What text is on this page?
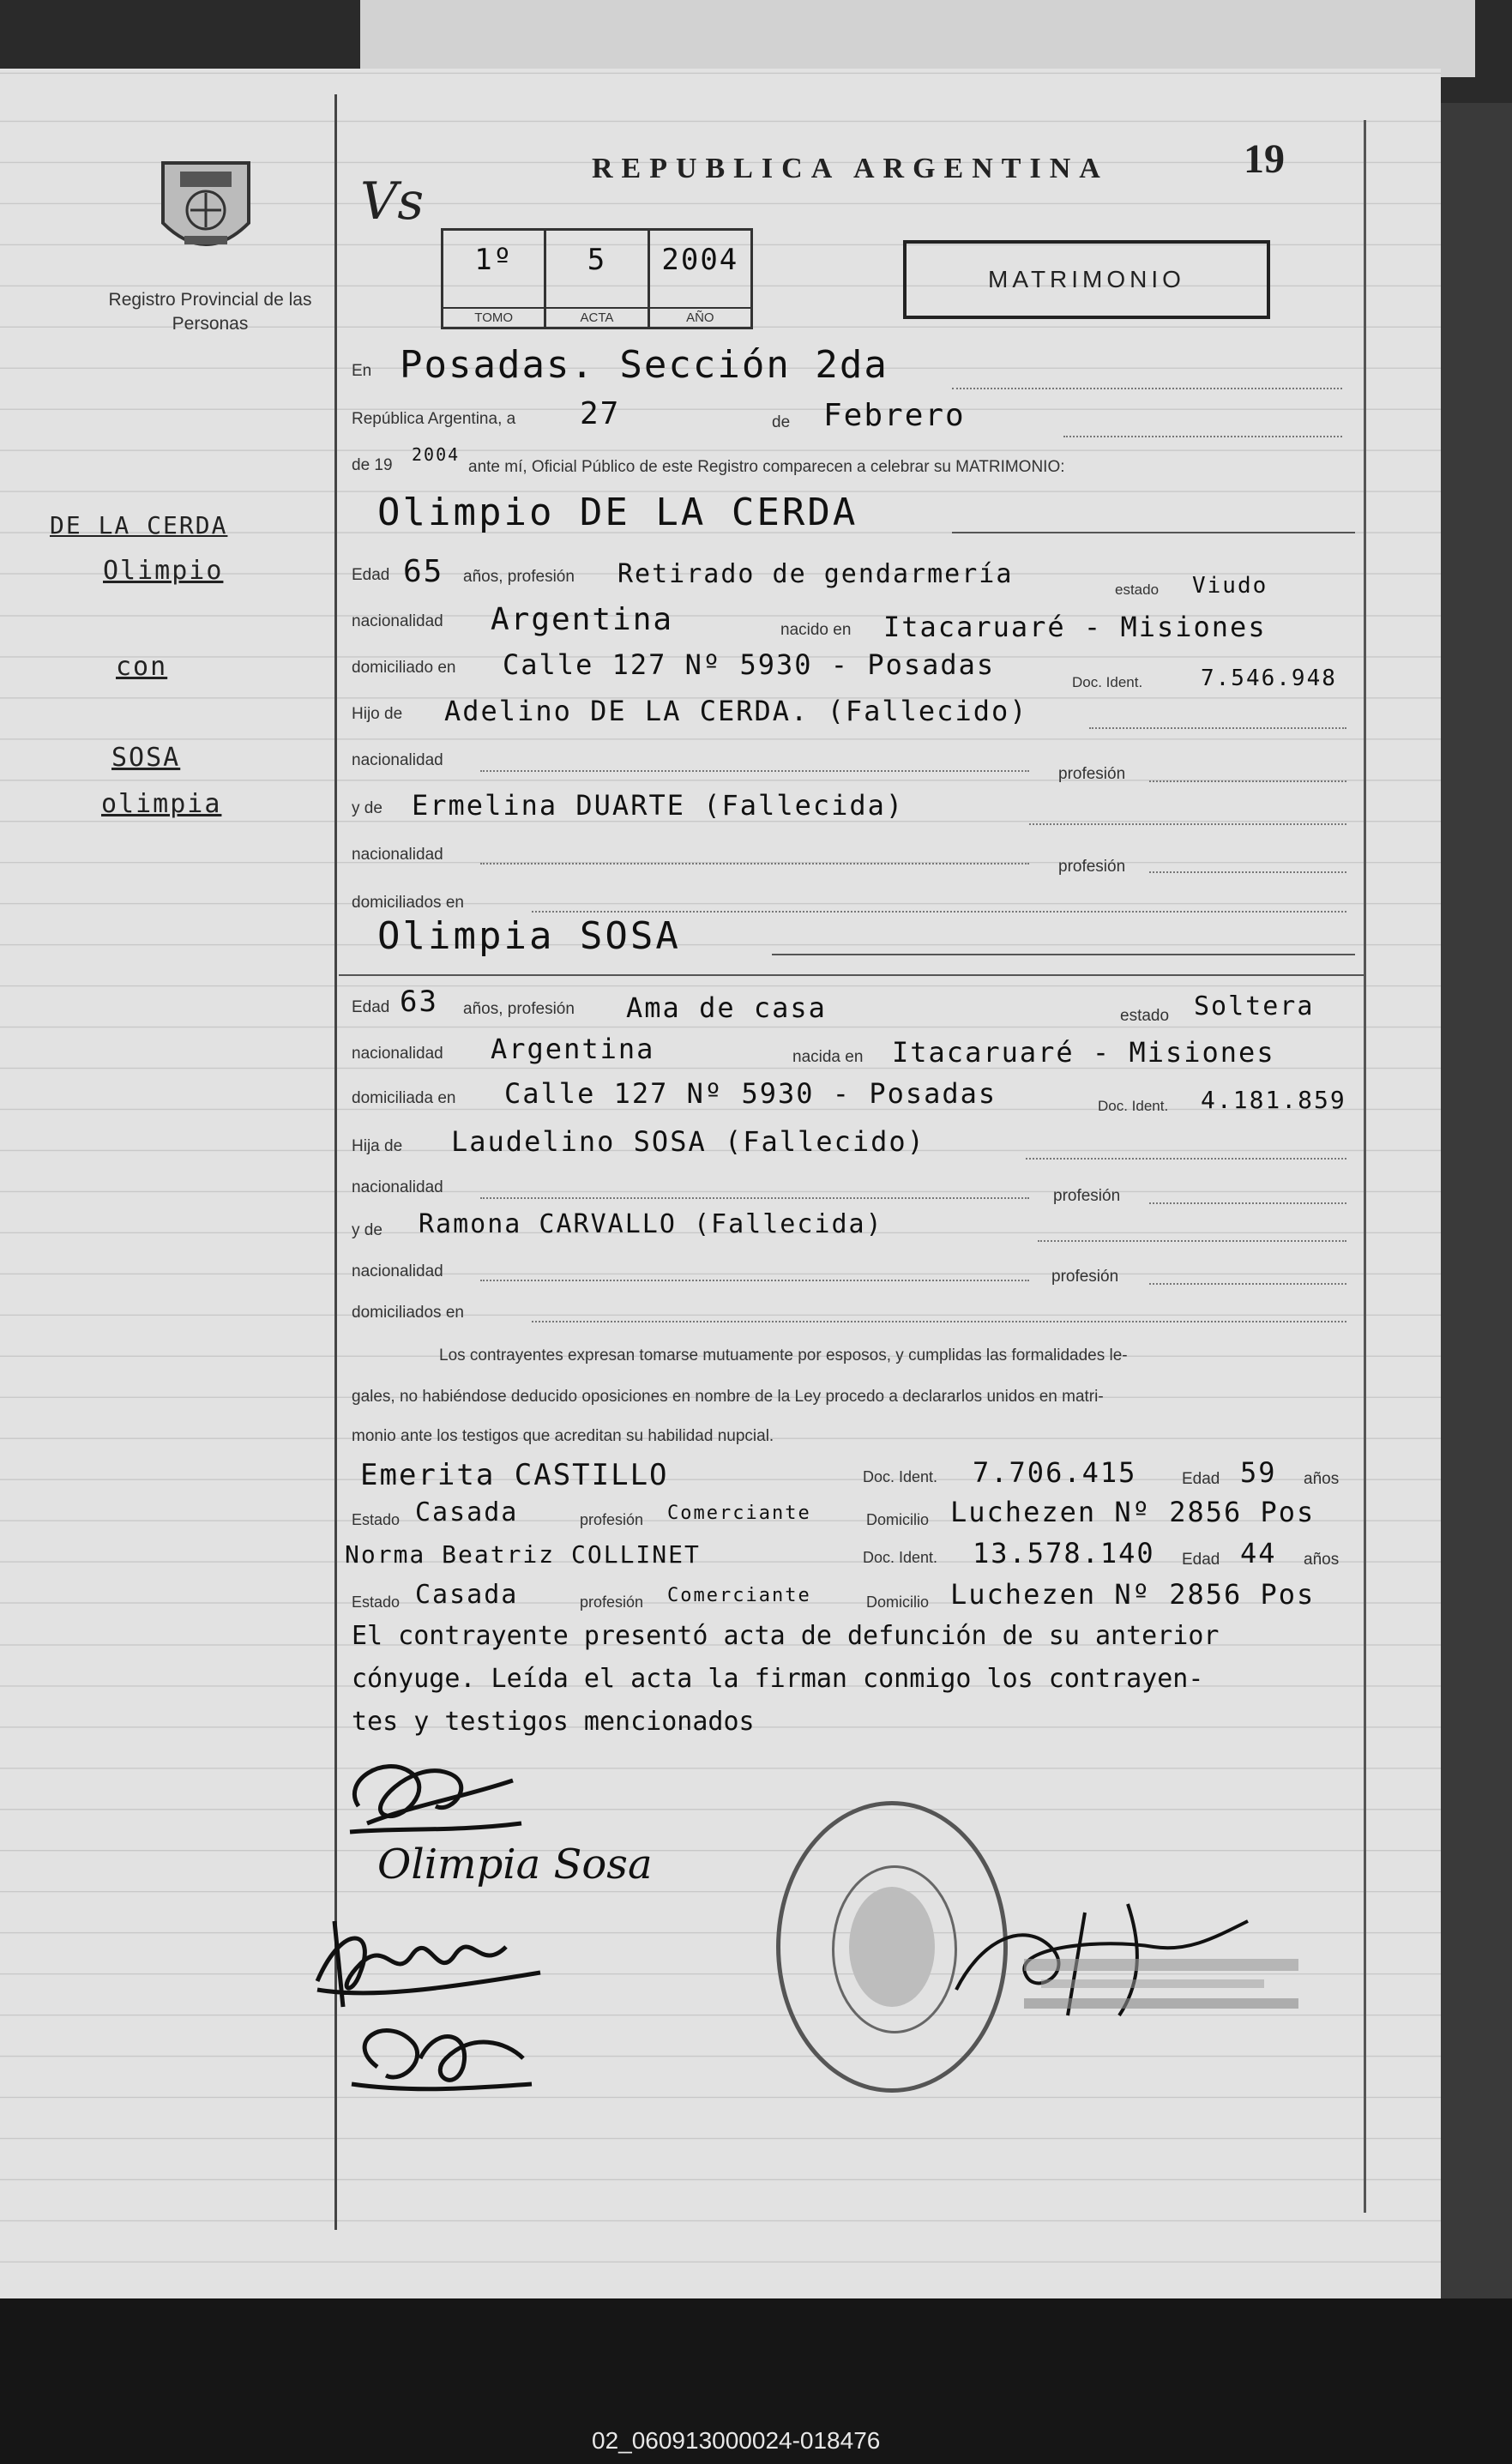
Registro Provincial de las Personas
Vs
REPUBLICA ARGENTINA	19
1º
TOMO
5
ACTA
2004
AÑO
MATRIMONIO
DE LA CERDA
Olimpio
con
SOSA
olimpia
En Posadas. Sección 2da
República Argentina, a 27	de Febrero
de 19
2004
ante mí, Oficial Público de este Registro comparecen a celebrar su MATRIMONIO:
Olimpio DE LA CERDA
Edad 65 años, profesión Retirado de gendarmería
estado Viudo
nacionalidad Argentina	nacido en Itacaruaré - Misiones
domiciliado en Calle 127 Nº 5930 - Posadas
Doc. Ident.	7.546.948
Hijo de Adelino DE LA CERDA. (Fallecido)
nacionalidad
profesión
y de Ermelina DUARTE (Fallecida)
nacionalidad
profesión
domiciliados en
Olimpia SOSA
Edad 63 años, profesión Ama de casa	estado Soltera
nacionalidad Argentina	nacida en Itacaruaré - Misiones
domiciliada en Calle 127 Nº 5930 - Posadas	Doc. Ident. 4.181.859
Hija de Laudelino SOSA (Fallecido)
nacionalidad	profesión
y de Ramona CARVALLO (Fallecida)
nacionalidad	profesión
domiciliados en
Los contrayentes expresan tomarse mutuamente por esposos, y cumplidas las formalidades le-
gales, no habiéndose deducido oposiciones en nombre de la Ley procedo a declararlos unidos en matri-
monio ante los testigos que acreditan su habilidad nupcial.
Emerita CASTILLO	Doc. Ident. 7.706.415	Edad 59 años
Estado Casada	profesión Comerciante	Domicilio Luchezen Nº 2856 Pos
Norma Beatriz COLLINET	Doc. Ident. 13.578.140 Edad 44 años
Estado Casada	profesión Comerciante	Domicilio Luchezen Nº 2856 Pos
El contrayente presentó acta de defunción de su anterior
cónyuge. Leída el acta la firman conmigo los contrayen-
tes y testigos mencionados
Olimpia Sosa
02_060913000024-018476
